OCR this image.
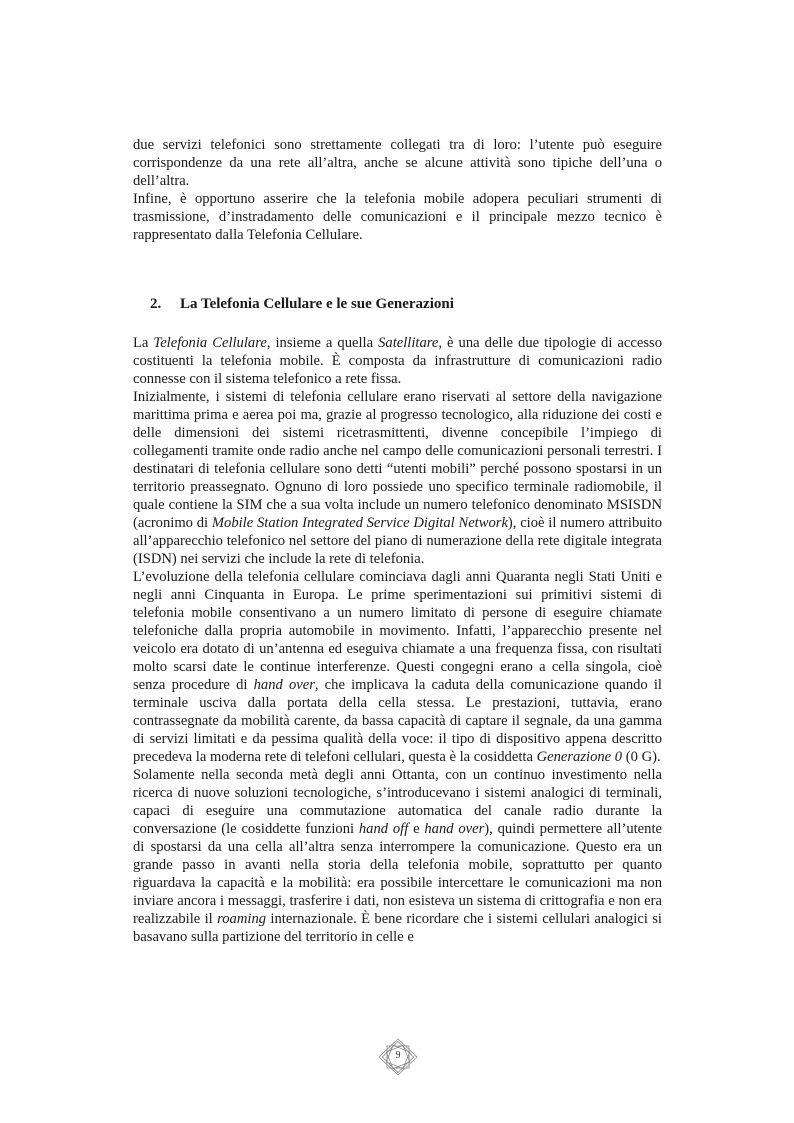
due servizi telefonici sono strettamente collegati tra di loro: l’utente può eseguire corrispondenze da una rete all’altra, anche se alcune attività sono tipiche dell’una o dell’altra.

Infine, è opportuno asserire che la telefonia mobile adopera peculiari strumenti di trasmissione, d’instradamento delle comunicazioni e il principale mezzo tecnico è rappresentato dalla Telefonia Cellulare.

2. La Telefonia Cellulare e le sue Generazioni

La Telefonia Cellulare, insieme a quella Satellitare, è una delle due tipologie di accesso costituenti la telefonia mobile. È composta da infrastrutture di comunicazioni radio connesse con il sistema telefonico a rete fissa.

Inizialmente, i sistemi di telefonia cellulare erano riservati al settore della navigazione marittima prima e aerea poi ma, grazie al progresso tecnologico, alla riduzione dei costi e delle dimensioni dei sistemi ricetrasmittenti, divenne concepibile l’impiego di collegamenti tramite onde radio anche nel campo delle comunicazioni personali terrestri. I destinatari di telefonia cellulare sono detti “utenti mobili” perché possono spostarsi in un territorio preassegnato. Ognuno di loro possiede uno specifico terminale radiomobile, il quale contiene la SIM che a sua volta include un numero telefonico denominato MSISDN (acronimo di Mobile Station Integrated Service Digital Network), cioè il numero attribuito all’apparecchio telefonico nel settore del piano di numerazione della rete digitale integrata (ISDN) nei servizi che include la rete di telefonia.

L’evoluzione della telefonia cellulare cominciava dagli anni Quaranta negli Stati Uniti e negli anni Cinquanta in Europa. Le prime sperimentazioni sui primitivi sistemi di telefonia mobile consentivano a un numero limitato di persone di eseguire chiamate telefoniche dalla propria automobile in movimento. Infatti, l’apparecchio presente nel veicolo era dotato di un’antenna ed eseguiva chiamate a una frequenza fissa, con risultati molto scarsi date le continue interferenze. Questi congegni erano a cella singola, cioè senza procedure di hand over, che implicava la caduta della comunicazione quando il terminale usciva dalla portata della cella stessa. Le prestazioni, tuttavia, erano contrassegnate da mobilità carente, da bassa capacità di captare il segnale, da una gamma di servizi limitati e da pessima qualità della voce: il tipo di dispositivo appena descritto precedeva la moderna rete di telefoni cellulari, questa è la cosiddetta Generazione 0 (0 G).

Solamente nella seconda metà degli anni Ottanta, con un continuo investimento nella ricerca di nuove soluzioni tecnologiche, s’introducevano i sistemi analogici di terminali, capaci di eseguire una commutazione automatica del canale radio durante la conversazione (le cosiddette funzioni hand off e hand over), quindi permettere all’utente di spostarsi da una cella all’altra senza interrompere la comunicazione. Questo era un grande passo in avanti nella storia della telefonia mobile, soprattutto per quanto riguardava la capacità e la mobilità: era possibile intercettare le comunicazioni ma non inviare ancora i messaggi, trasferire i dati, non esisteva un sistema di crittografia e non era realizzabile il roaming internazionale. È bene ricordare che i sistemi cellulari analogici si basavano sulla partizione del territorio in celle e

9
